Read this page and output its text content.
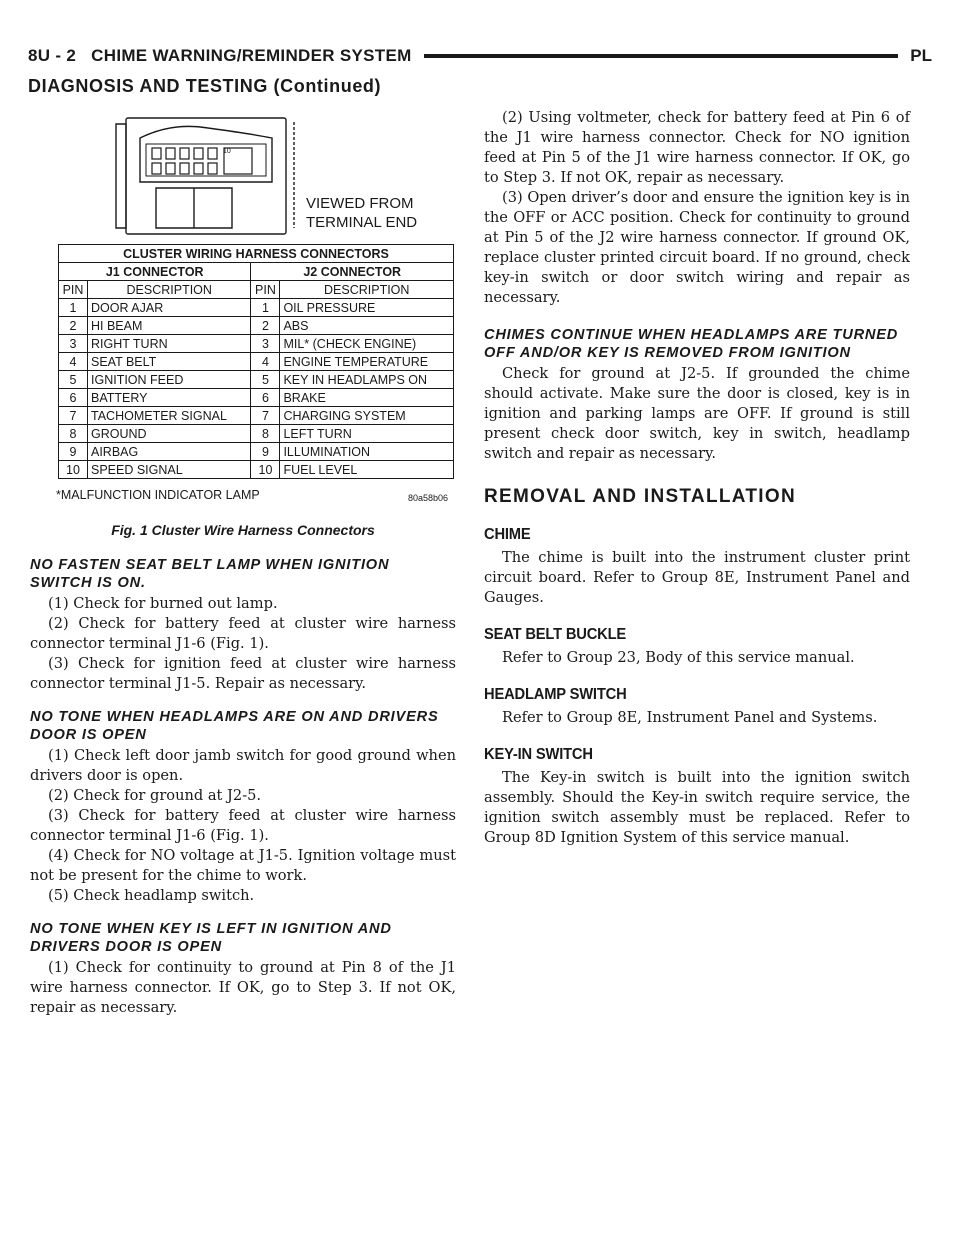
8U - 2 CHIME WARNING/REMINDER SYSTEM	PL
DIAGNOSIS AND TESTING (Continued)
10
VIEWED FROM
TERMINAL END
CLUSTER WIRING HARNESS CONNECTORS			
J1 CONNECTOR		J2 CONNECTOR	
PIN	DESCRIPTION	PIN	DESCRIPTION
1	DOOR AJAR	1	OIL PRESSURE
2	HI BEAM	2	ABS
3	RIGHT TURN	3	MIL* (CHECK ENGINE)
4	SEAT BELT	4	ENGINE TEMPERATURE
5	IGNITION FEED	5	KEY IN HEADLAMPS ON
6	BATTERY	6	BRAKE
7	TACHOMETER SIGNAL	7	CHARGING SYSTEM
8	GROUND	8	LEFT TURN
9	AIRBAG	9	ILLUMINATION
10	SPEED SIGNAL	10	FUEL LEVEL
*MALFUNCTION INDICATOR LAMP	80a58b06
Fig. 1 Cluster Wire Harness Connectors
NO FASTEN SEAT BELT LAMP WHEN IGNITION SWITCH IS ON.

(1) Check for burned out lamp.

(2) Check for battery feed at cluster wire harness connector terminal J1-6 (Fig. 1).

(3) Check for ignition feed at cluster wire harness connector terminal J1-5. Repair as necessary.

NO TONE WHEN HEADLAMPS ARE ON AND DRIVERS DOOR IS OPEN

(1) Check left door jamb switch for good ground when drivers door is open.

(2) Check for ground at J2-5.

(3) Check for battery feed at cluster wire harness connector terminal J1-6 (Fig. 1).

(4) Check for NO voltage at J1-5. Ignition voltage must not be present for the chime to work.

(5) Check headlamp switch.

NO TONE WHEN KEY IS LEFT IN IGNITION AND DRIVERS DOOR IS OPEN

(1) Check for continuity to ground at Pin 8 of the J1 wire harness connector. If OK, go to Step 3. If not OK, repair as necessary.

(2) Using voltmeter, check for battery feed at Pin 6 of the J1 wire harness connector. Check for NO ignition feed at Pin 5 of the J1 wire harness connector. If OK, go to Step 3. If not OK, repair as necessary.

(3) Open driver’s door and ensure the ignition key is in the OFF or ACC position. Check for continuity to ground at Pin 5 of the J2 wire harness connector. If ground OK, replace cluster printed circuit board. If no ground, check key-in switch or door switch wiring and repair as necessary.

CHIMES CONTINUE WHEN HEADLAMPS ARE TURNED OFF AND/OR KEY IS REMOVED FROM IGNITION

Check for ground at J2-5. If grounded the chime should activate. Make sure the door is closed, key is in ignition and parking lamps are OFF. If ground is still present check door switch, key in switch, headlamp switch and repair as necessary.

REMOVAL AND INSTALLATION
CHIME

The chime is built into the instrument cluster print circuit board. Refer to Group 8E, Instrument Panel and Gauges.

SEAT BELT BUCKLE

Refer to Group 23, Body of this service manual.

HEADLAMP SWITCH

Refer to Group 8E, Instrument Panel and Systems.

KEY-IN SWITCH

The Key-in switch is built into the ignition switch assembly. Should the Key-in switch require service, the ignition switch assembly must be replaced. Refer to Group 8D Ignition System of this service manual.
